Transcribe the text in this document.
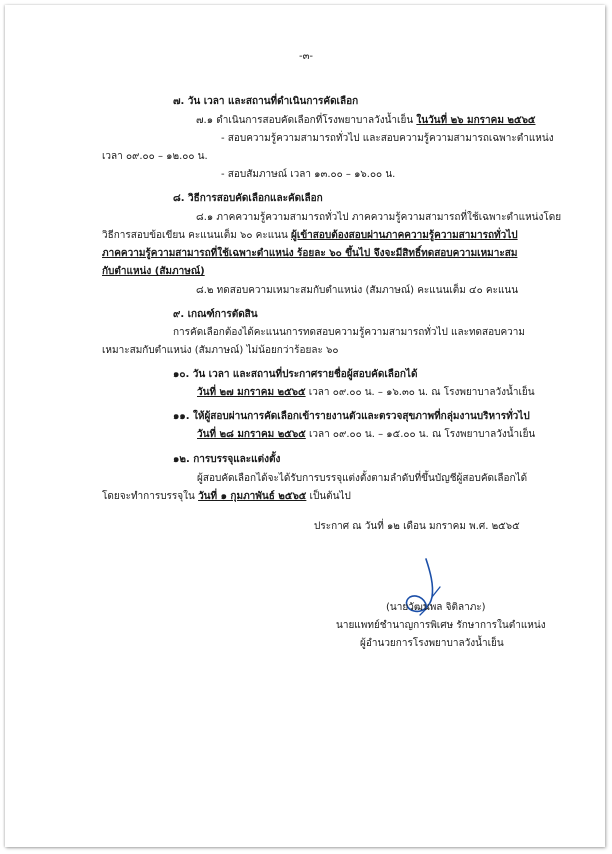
-๓-
๗. วัน เวลา และสถานที่ดำเนินการคัดเลือก
๗.๑ ดำเนินการสอบคัดเลือกที่โรงพยาบาลวังน้ำเย็น ในวันที่ ๒๖ มกราคม ๒๕๖๕
- สอบความรู้ความสามารถทั่วไป และสอบความรู้ความสามารถเฉพาะตำแหน่ง
เวลา ๐๙.๐๐ – ๑๒.๐๐ น.
- สอบสัมภาษณ์ เวลา ๑๓.๐๐ – ๑๖.๐๐ น.
๘. วิธีการสอบคัดเลือกและคัดเลือก
๘.๑ ภาคความรู้ความสามารถทั่วไป ภาคความรู้ความสามารถที่ใช้เฉพาะตำแหน่งโดย
วิธีการสอบข้อเขียน คะแนนเต็ม ๖๐ คะแนน ผู้เข้าสอบต้องสอบผ่านภาคความรู้ความสามารถทั่วไป
ภาคความรู้ความสามารถที่ใช้เฉพาะตำแหน่ง ร้อยละ ๖๐ ขึ้นไป จึงจะมีสิทธิ์ทดสอบความเหมาะสม
กับตำแหน่ง (สัมภาษณ์)
๘.๒ ทดสอบความเหมาะสมกับตำแหน่ง (สัมภาษณ์) คะแนนเต็ม ๔๐ คะแนน
๙. เกณฑ์การตัดสิน
การคัดเลือกต้องได้คะแนนการทดสอบความรู้ความสามารถทั่วไป และทดสอบความ
เหมาะสมกับตำแหน่ง (สัมภาษณ์) ไม่น้อยกว่าร้อยละ ๖๐
๑๐. วัน เวลา และสถานที่ประกาศรายชื่อผู้สอบคัดเลือกได้
วันที่ ๒๗ มกราคม ๒๕๖๕ เวลา ๐๙.๐๐ น. – ๑๖.๓๐ น. ณ โรงพยาบาลวังน้ำเย็น
๑๑. ให้ผู้สอบผ่านการคัดเลือกเข้ารายงานตัวและตรวจสุขภาพที่กลุ่มงานบริหารทั่วไป
วันที่ ๒๘ มกราคม ๒๕๖๕ เวลา ๐๙.๐๐ น. – ๑๕.๐๐ น. ณ โรงพยาบาลวังน้ำเย็น
๑๒. การบรรจุและแต่งตั้ง
ผู้สอบคัดเลือกได้จะได้รับการบรรจุแต่งตั้งตามลำดับที่ขึ้นบัญชีผู้สอบคัดเลือกได้
โดยจะทำการบรรจุใน วันที่ ๑ กุมภาพันธ์ ๒๕๖๕ เป็นต้นไป
ประกาศ ณ วันที่ ๑๒ เดือน มกราคม พ.ศ. ๒๕๖๕
(นายวัฒนพล จิติลาภะ)
นายแพทย์ชำนาญการพิเศษ รักษาการในตำแหน่ง
ผู้อำนวยการโรงพยาบาลวังน้ำเย็น
